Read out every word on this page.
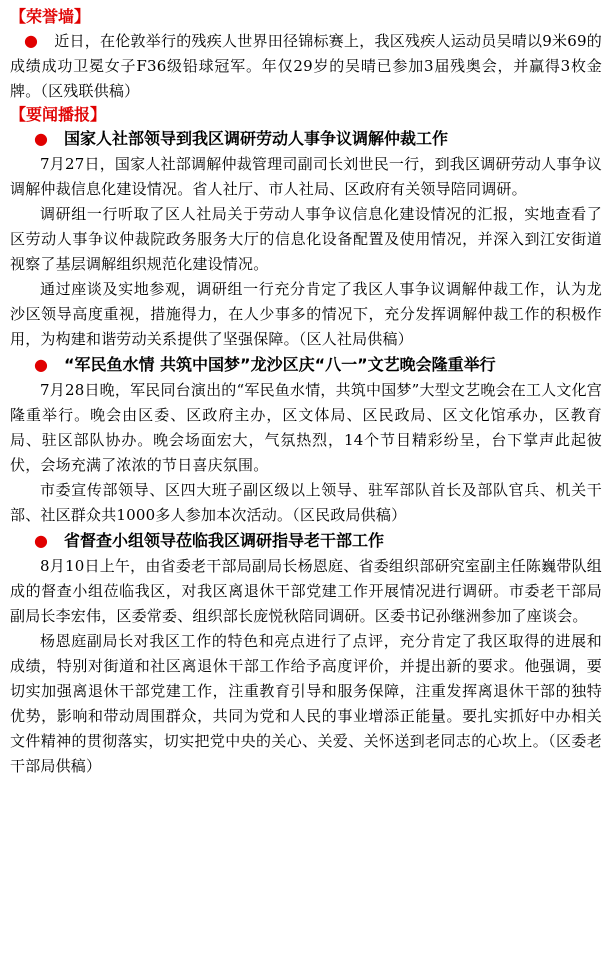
【荣誉墙】

● 近日，在伦敦举行的残疾人世界田径锦标赛上，我区残疾人运动员吴晴以9米69的成绩成功卫冕女子F36级铅球冠军。年仅29岁的吴晴已参加3届残奥会，并赢得3枚金牌。（区残联供稿）

【要闻播报】

● 国家人社部领导到我区调研劳动人事争议调解仲裁工作

7月27日，国家人社部调解仲裁管理司副司长刘世民一行，到我区调研劳动人事争议调解仲裁信息化建设情况。省人社厅、市人社局、区政府有关领导陪同调研。

调研组一行听取了区人社局关于劳动人事争议信息化建设情况的汇报，实地查看了区劳动人事争议仲裁院政务服务大厅的信息化设备配置及使用情况，并深入到江安街道视察了基层调解组织规范化建设情况。

通过座谈及实地参观，调研组一行充分肯定了我区人事争议调解仲裁工作，认为龙沙区领导高度重视，措施得力，在人少事多的情况下，充分发挥调解仲裁工作的积极作用，为构建和谐劳动关系提供了坚强保障。（区人社局供稿）

● “军民鱼水情 共筑中国梦”龙沙区庆“八一”文艺晚会隆重举行

7月28日晚，军民同台演出的“军民鱼水情，共筑中国梦”大型文艺晚会在工人文化宫隆重举行。晚会由区委、区政府主办，区文体局、区民政局、区文化馆承办，区教育局、驻区部队协办。晚会场面宏大，气氛热烈，14个节目精彩纷呈，台下掌声此起彼伏，会场充满了浓浓的节日喜庆氛围。

市委宣传部领导、区四大班子副区级以上领导、驻军部队首长及部队官兵、机关干部、社区群众共1000多人参加本次活动。（区民政局供稿）

● 省督查小组领导莅临我区调研指导老干部工作

8月10日上午，由省委老干部局副局长杨恩庭、省委组织部研究室副主任陈巍带队组成的督查小组莅临我区，对我区离退休干部党建工作开展情况进行调研。市委老干部局副局长李宏伟，区委常委、组织部长庞悦秋陪同调研。区委书记孙继洲参加了座谈会。

杨恩庭副局长对我区工作的特色和亮点进行了点评，充分肯定了我区取得的进展和成绩，特别对街道和社区离退休干部工作给予高度评价，并提出新的要求。他强调，要切实加强离退休干部党建工作，注重教育引导和服务保障，注重发挥离退休干部的独特优势，影响和带动周围群众，共同为党和人民的事业增添正能量。要扎实抓好中办相关文件精神的贯彻落实，切实把党中央的关心、关爱、关怀送到老同志的心坎上。（区委老干部局供稿）
